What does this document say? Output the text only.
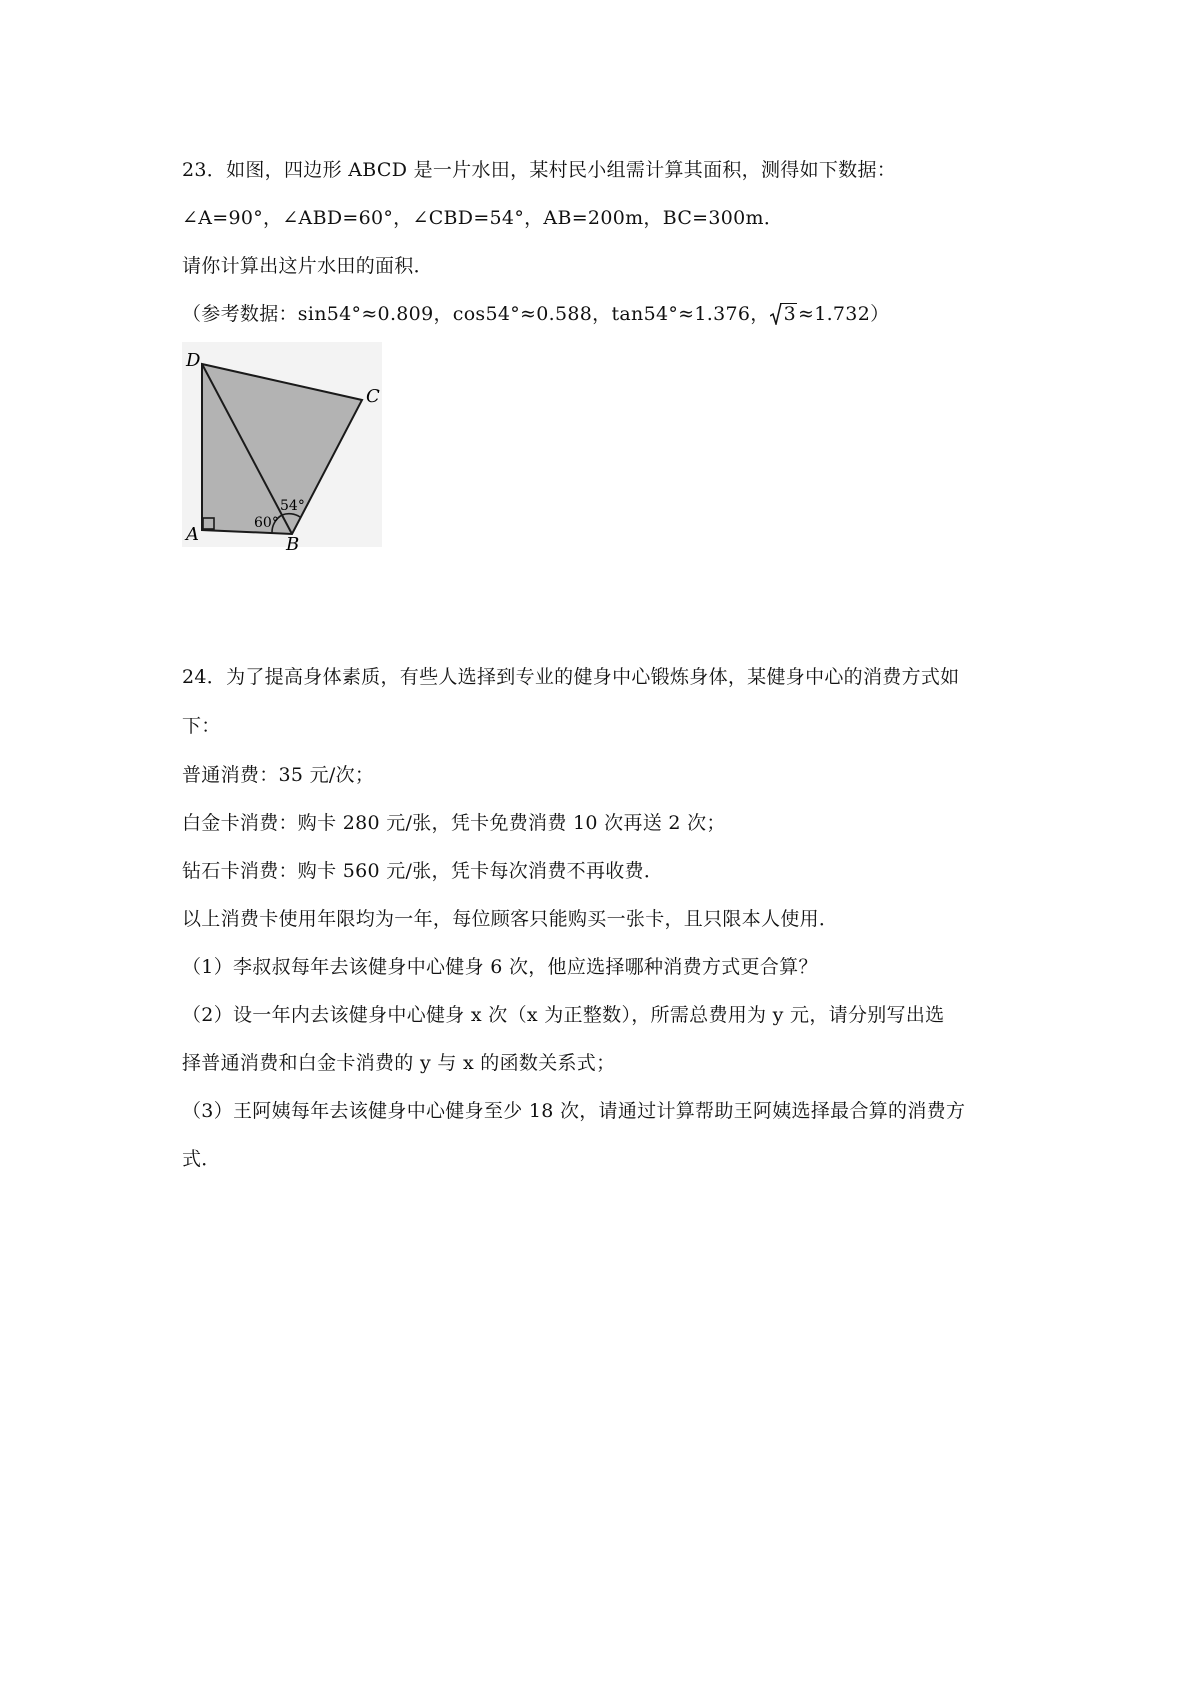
23．如图，四边形 ABCD 是一片水田，某村民小组需计算其面积，测得如下数据：
∠A=90°，∠ABD=60°，∠CBD=54°，AB=200m，BC=300m．
请你计算出这片水田的面积．
（参考数据：sin54°≈0.809，cos54°≈0.588，tan54°≈1.376， 3 ≈1.732）
D
C
A	B
60°
54°
24．为了提高身体素质，有些人选择到专业的健身中心锻炼身体，某健身中心的消费方式如
下：
普通消费：35 元/次；
白金卡消费：购卡 280 元/张，凭卡免费消费 10 次再送 2 次；
钻石卡消费：购卡 560 元/张，凭卡每次消费不再收费．
以上消费卡使用年限均为一年，每位顾客只能购买一张卡，且只限本人使用．
（1）李叔叔每年去该健身中心健身 6 次，他应选择哪种消费方式更合算？
（2）设一年内去该健身中心健身 x 次（x 为正整数），所需总费用为 y 元，请分别写出选
择普通消费和白金卡消费的 y 与 x 的函数关系式；
（3）王阿姨每年去该健身中心健身至少 18 次，请通过计算帮助王阿姨选择最合算的消费方
式．
